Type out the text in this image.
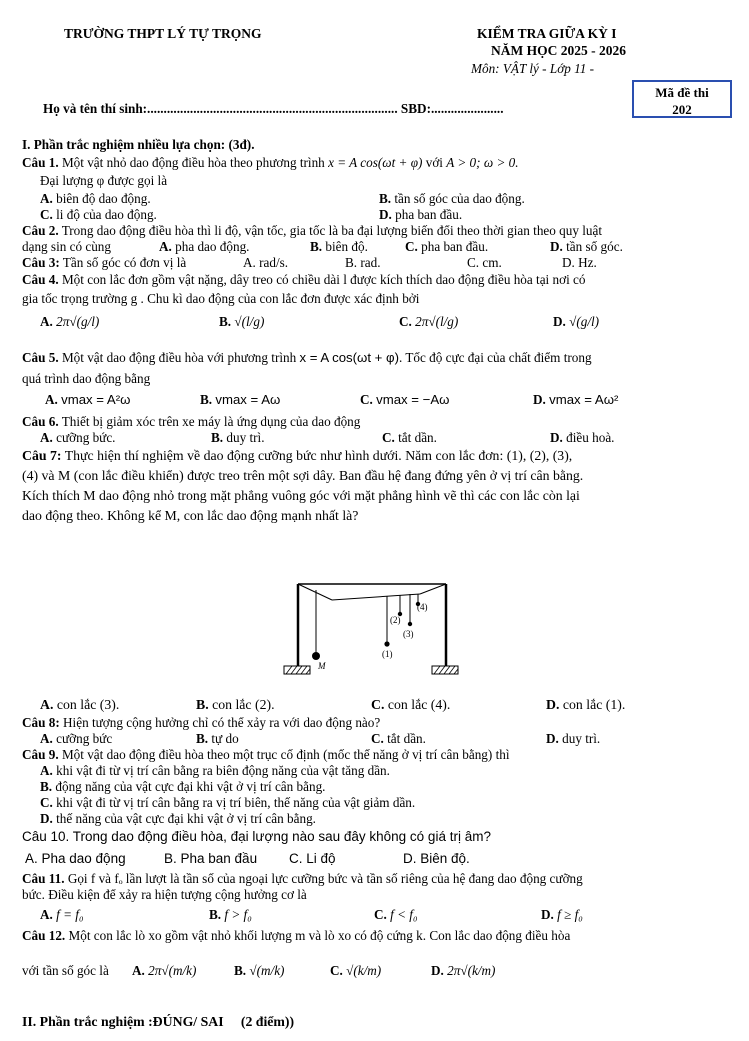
TRƯỜNG THPT LÝ TỰ TRỌNG	KIỂM TRA GIỮA KỲ I
NĂM HỌC 2025 - 2026
Môn: VẬT lý - Lớp 11 -
Mã đề thi
202
Họ và tên thí sinh:............................................................................ SBD:......................
I. Phần trắc nghiệm nhiều lựa chọn: (3đ).
Câu 1. Một vật nhỏ dao động điều hòa theo phương trình x = A cos(ωt + φ) với A > 0; ω > 0.
Đại lượng φ được gọi là
A. biên độ dao động.	B. tần số góc của dao động.
C. li độ của dao động.	D. pha ban đầu.
Câu 2. Trong dao động điều hòa thì li độ, vận tốc, gia tốc là ba đại lượng biến đổi theo thời gian theo quy luật
dạng sin có cùng	A. pha dao động.	B. biên độ.	C. pha ban đầu.	D. tần số góc.
Câu 3: Tần số góc có đơn vị là	A. rad/s.	B. rad.	C. cm.	D. Hz.
Câu 4. Một con lắc đơn gồm vật nặng, dây treo có chiều dài l được kích thích dao động điều hòa tại nơi có
gia tốc trọng trường g . Chu kì dao động của con lắc đơn được xác định bởi
A. 2π√(g/l)	B. √(l/g)	C. 2π√(l/g)	D. √(g/l)
Câu 5. Một vật dao động điều hòa với phương trình x = A cos(ωt + φ). Tốc độ cực đại của chất điểm trong
quá trình dao động bằng
A. vmax = A²ω	B. vmax = Aω	C. vmax = −Aω	D. vmax = Aω²
Câu 6. Thiết bị giảm xóc trên xe máy là ứng dụng của dao động
A. cưỡng bức.	B. duy trì.	C. tắt dần.	D. điều hoà.
Câu 7: Thực hiện thí nghiệm về dao động cưỡng bức như hình dưới. Năm con lắc đơn: (1), (2), (3),
(4) và M (con lắc điều khiển) được treo trên một sợi dây. Ban đầu hệ đang đứng yên ở vị trí cân bằng.
Kích thích M dao động nhỏ trong mặt phẳng vuông góc với mặt phẳng hình vẽ thì các con lắc còn lại
dao động theo. Không kể M, con lắc dao động mạnh nhất là?
(1)
(2)
(3)
(4)
M
A. con lắc (3).	B. con lắc (2).	C. con lắc (4).	D. con lắc (1).
Câu 8: Hiện tượng cộng hưởng chỉ có thể xảy ra với dao động nào?
A. cưỡng bức	B. tự do	C. tắt dần.	D. duy trì.
Câu 9. Một vật dao động điều hòa theo một trục cố định (mốc thế năng ở vị trí cân bằng) thì
A. khi vật đi từ vị trí cân bằng ra biên động năng của vật tăng dần.
B. động năng của vật cực đại khi vật ở vị trí cân bằng.
C. khi vật đi từ vị trí cân bằng ra vị trí biên, thế năng của vật giảm dần.
D. thế năng của vật cực đại khi vật ở vị trí cân bằng.
Câu 10. Trong dao động điều hòa, đại lượng nào sau đây không có giá trị âm?
A. Pha dao động	B. Pha ban đầu C. Li độ	D. Biên độ.
Câu 11. Gọi f và fₒ lần lượt là tần số của ngoại lực cưỡng bức và tần số riêng của hệ đang dao động cưỡng
bức. Điều kiện để xảy ra hiện tượng cộng hưởng cơ là
A. f = f₀	B. f > f₀	C. f < f₀	D. f ≥ f₀
Câu 12. Một con lắc lò xo gồm vật nhỏ khối lượng m và lò xo có độ cứng k. Con lắc dao động điều hòa
với tần số góc là A. 2π√(m/k)	B. √(m/k)	C. √(k/m)	D. 2π√(k/m)
II. Phần trắc nghiệm :ĐÚNG/ SAI     (2 điểm))
